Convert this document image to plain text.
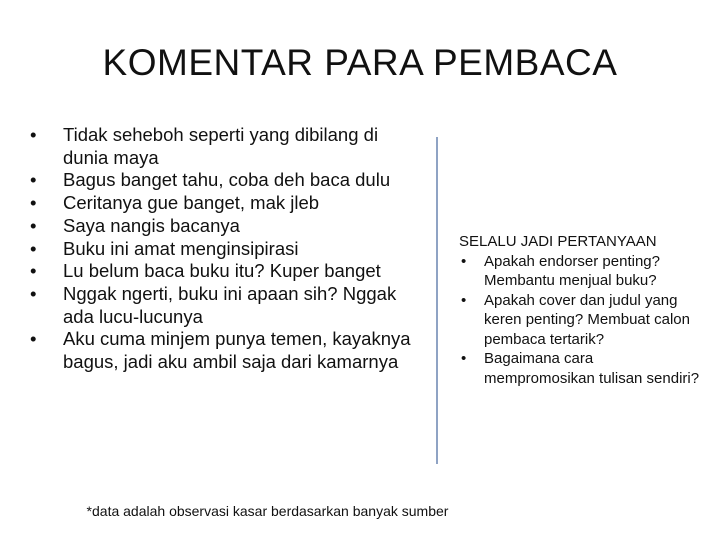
KOMENTAR PARA PEMBACA
•	Tidak seheboh seperti yang dibilang di dunia maya
•	Bagus banget tahu, coba deh baca dulu
•	Ceritanya gue banget, mak jleb
•	Saya nangis bacanya
•	Buku ini amat menginsipirasi
•	Lu belum baca buku itu? Kuper banget
•	Nggak ngerti, buku ini apaan sih? Nggak ada lucu-lucunya
•	Aku cuma minjem punya temen, kayaknya bagus, jadi aku ambil saja dari kamarnya
SELALU JADI PERTANYAAN
•	Apakah endorser penting? Membantu menjual buku?
•	Apakah cover dan judul yang keren penting? Membuat calon pembaca tertarik?
•	Bagaimana cara mempromosikan tulisan sendiri?
*data adalah observasi kasar berdasarkan banyak sumber
